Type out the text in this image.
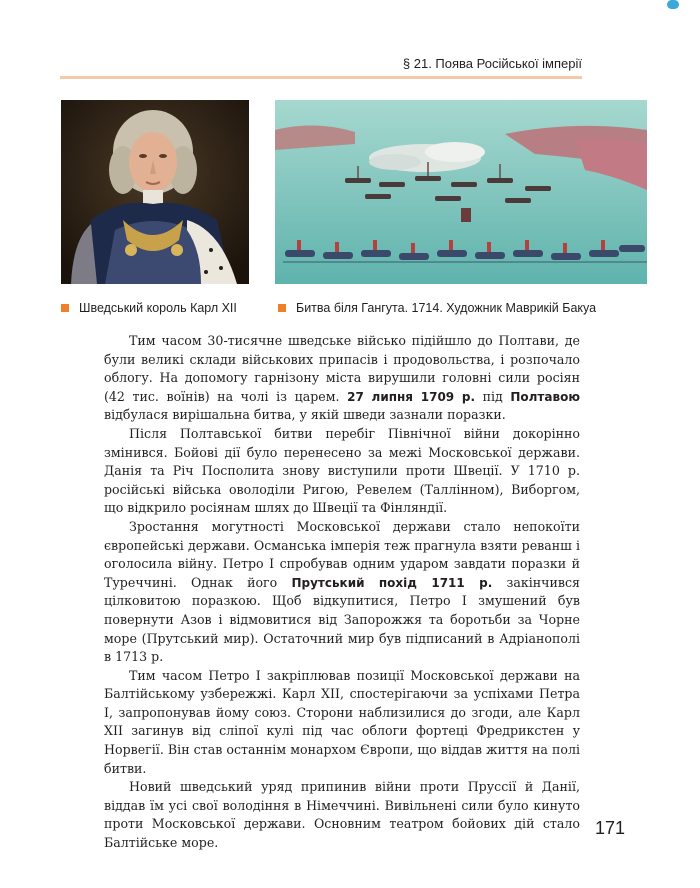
§ 21. Поява Російської імперії
Шведський король Карл XII	Битва біля Гангута. 1714. Художник Маврикій Бакуа

Тим часом 30-тисячне шведське військо підійшло до Полтави, де були великі склади військових припасів і продовольства, і розпочало облогу. На допомогу гарнізону міста вирушили головні сили росіян (42 тис. воїнів) на чолі із царем. 27 липня 1709 р. під Полтавою відбулася вирішальна битва, у якій шведи зазнали поразки.

Після Полтавської битви перебіг Північної війни докорінно змінився. Бойові дії було перенесено за межі Московської держави. Данія та Річ Посполита знову виступили проти Швеції. У 1710 р. російські війська оволоділи Ригою, Ревелем (Таллінном), Виборгом, що відкрило росіянам шлях до Швеції та Фінляндії.

Зростання могутності Московської держави стало непокоїти європейські держави. Османська імперія теж прагнула взяти реванш і оголосила війну. Петро I спробував одним ударом завдати поразки й Туреччині. Однак його Прутський похід 1711 р. закінчився цілковитою поразкою. Щоб відкупитися, Петро I змушений був повернути Азов і відмовитися від Запорожжя та боротьби за Чорне море (Прутський мир). Остаточний мир був підписаний в Адріанополі в 1713 р.

Тим часом Петро I закріплював позиції Московської держави на Балтійському узбережжі. Карл XII, спостерігаючи за успіхами Петра I, запропонував йому союз. Сторони наблизилися до згоди, але Карл XII загинув від сліпої кулі під час облоги фортеці Фредрикстен у Норвегії. Він став останнім монархом Європи, що віддав життя на полі битви.

Новий шведський уряд припинив війни проти Пруссії й Данії, віддав їм усі свої володіння в Німеччині. Вивільнені сили було кинуто проти Московської держави. Основним театром бойових дій стало Балтійське море.

171
